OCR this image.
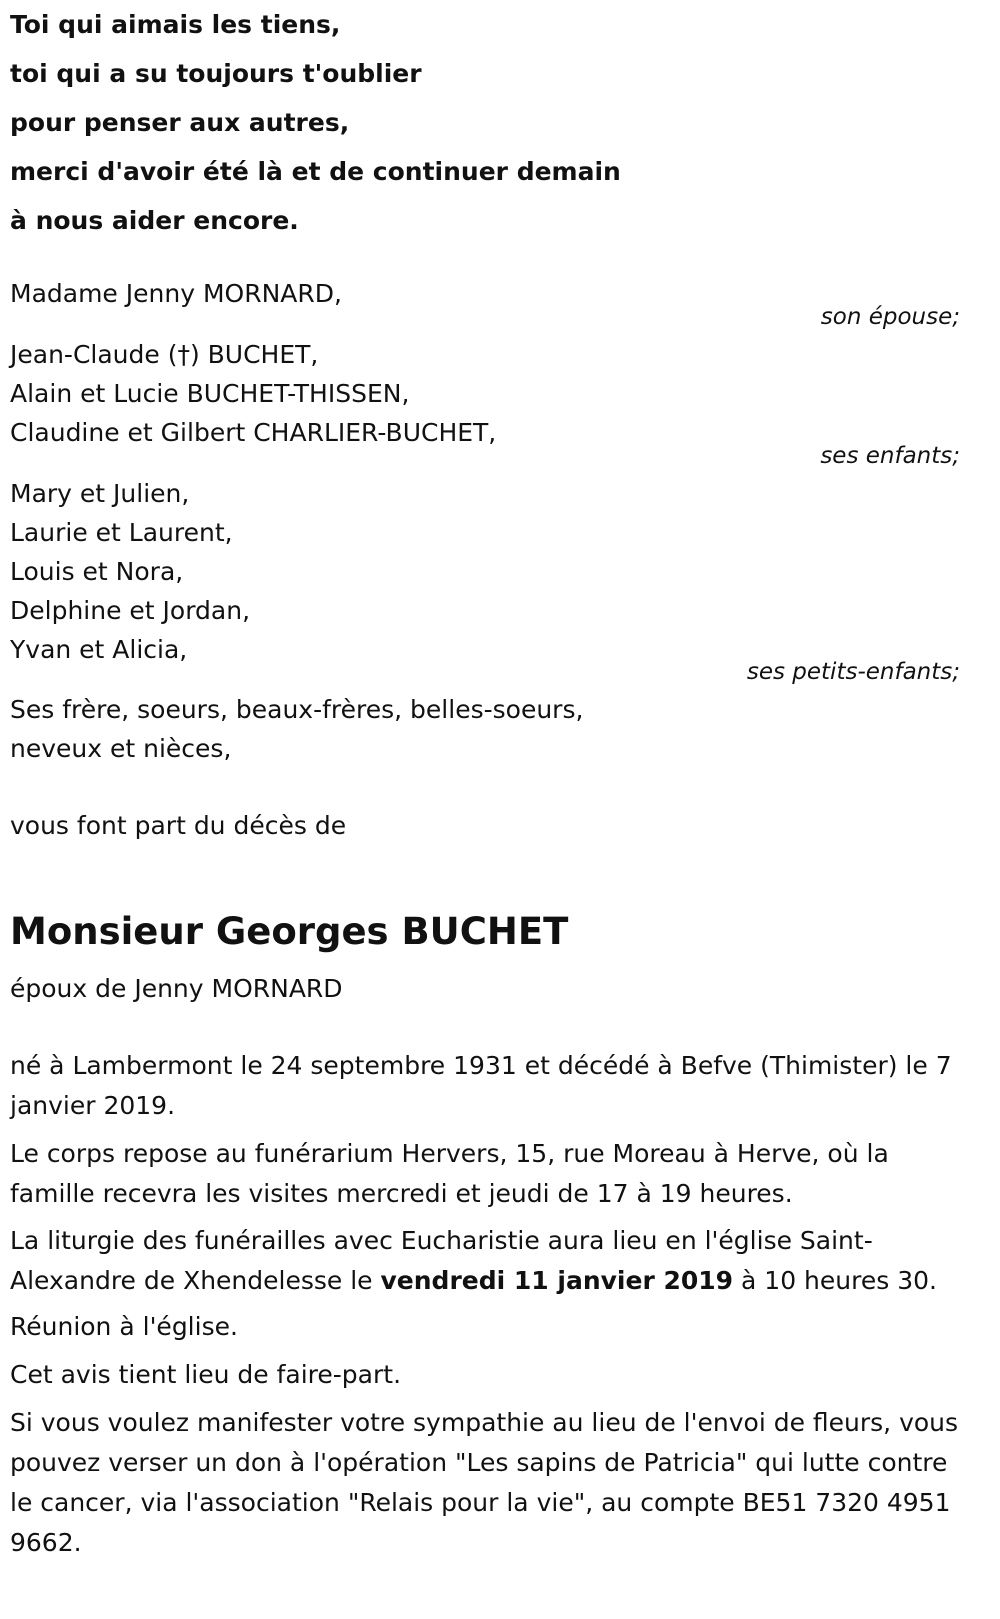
Toi qui aimais les tiens,
toi qui a su toujours t'oublier
pour penser aux autres,
merci d'avoir été là et de continuer demain
à nous aider encore.
Madame Jenny MORNARD,
son épouse;
Jean-Claude (†) BUCHET,
Alain et Lucie BUCHET-THISSEN,
Claudine et Gilbert CHARLIER-BUCHET,
ses enfants;
Mary et Julien,
Laurie et Laurent,
Louis et Nora,
Delphine et Jordan,
Yvan et Alicia,
ses petits-enfants;
Ses frère, soeurs, beaux-frères, belles-soeurs,
neveux et nièces,
vous font part du décès de
Monsieur Georges BUCHET
époux de Jenny MORNARD
né à Lambermont le 24 septembre 1931 et décédé à Befve (Thimister) le 7 janvier 2019.
Le corps repose au funérarium Hervers, 15, rue Moreau à Herve, où la famille recevra les visites mercredi et jeudi de 17 à 19 heures.
La liturgie des funérailles avec Eucharistie aura lieu en l'église Saint-Alexandre de Xhendelesse le vendredi 11 janvier 2019 à 10 heures 30.
Réunion à l'église.
Cet avis tient lieu de faire-part.
Si vous voulez manifester votre sympathie au lieu de l'envoi de fleurs, vous pouvez verser un don à l'opération "Les sapins de Patricia" qui lutte contre le cancer, via l'association "Relais pour la vie", au compte BE51 7320 4951 9662.
